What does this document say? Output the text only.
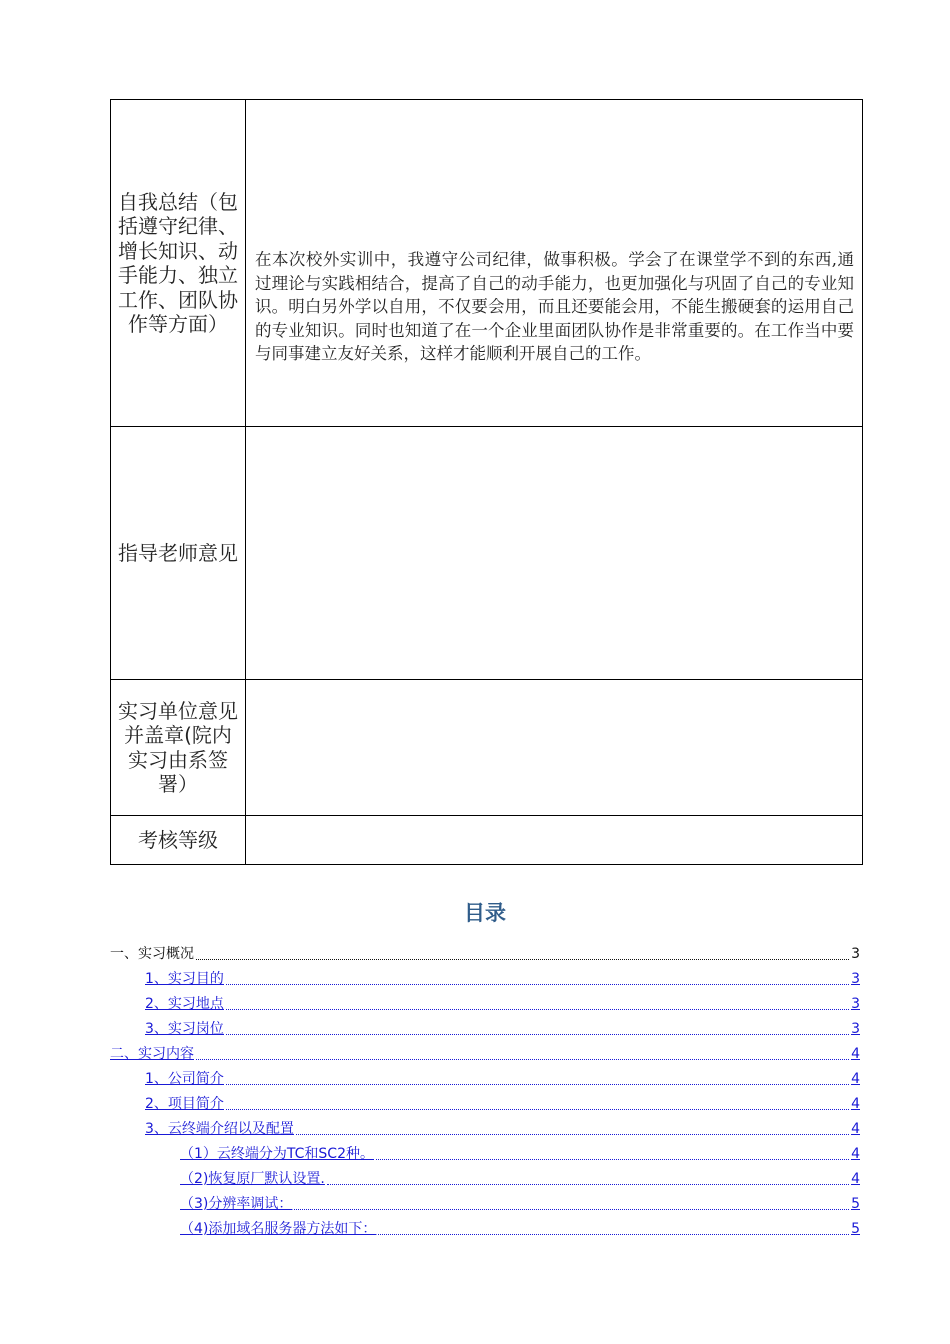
自我总结（包括遵守纪律、增长知识、动手能力、独立工作、团队协作等方面）	在本次校外实训中，我遵守公司纪律，做事积极。学会了在课堂学不到的东西,通过理论与实践相结合，提高了自己的动手能力，也更加强化与巩固了自己的专业知识。明白另外学以自用，不仅要会用，而且还要能会用，不能生搬硬套的运用自己的专业知识。同时也知道了在一个企业里面团队协作是非常重要的。在工作当中要与同事建立友好关系，这样才能顺利开展自己的工作。

指导老师意见	

实习单位意见并盖章(院内实习由系签署）	

考核等级	

目录
一、实习概况	3
1、实习目的	3
2、实习地点	3
3、实习岗位	3
二、实习内容	4
1、公司简介	4
2、项目简介	4
3、云终端介绍以及配置	4
（1）云终端分为TC和SC2种。	4
（2)恢复原厂默认设置.	4
（3)分辨率调试：	5
（4)添加域名服务器方法如下：	5
